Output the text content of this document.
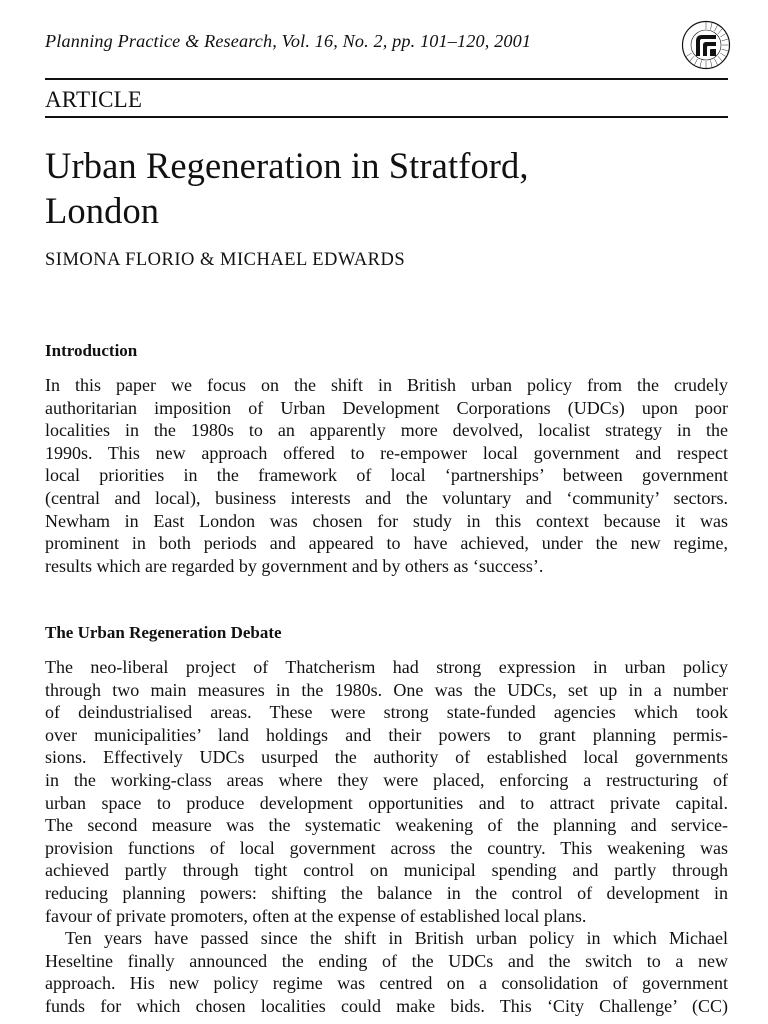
Planning Practice & Research, Vol. 16, No. 2, pp. 101–120, 2001
ARTICLE
Urban Regeneration in Stratford,
London
SIMONA FLORIO & MICHAEL EDWARDS
Introduction

In this paper we focus on the shift in British urban policy from the crudely
authoritarian imposition of Urban Development Corporations (UDCs) upon poor
localities in the 1980s to an apparently more devolved, localist strategy in the
1990s. This new approach offered to re-empower local government and respect
local priorities in the framework of local ‘partnerships’ between government
(central and local), business interests and the voluntary and ‘community’ sectors.
Newham in East London was chosen for study in this context because it was
prominent in both periods and appeared to have achieved, under the new regime,
results which are regarded by government and by others as ‘success’.

The Urban Regeneration Debate

The neo-liberal project of Thatcherism had strong expression in urban policy
through two main measures in the 1980s. One was the UDCs, set up in a number
of deindustrialised areas. These were strong state-funded agencies which took
over municipalities’ land holdings and their powers to grant planning permis-
sions. Effectively UDCs usurped the authority of established local governments
in the working-class areas where they were placed, enforcing a restructuring of
urban space to produce development opportunities and to attract private capital.
The second measure was the systematic weakening of the planning and service-
provision functions of local government across the country. This weakening was
achieved partly through tight control on municipal spending and partly through
reducing planning powers: shifting the balance in the control of development in
favour of private promoters, often at the expense of established local plans.

Ten years have passed since the shift in British urban policy in which Michael
Heseltine finally announced the ending of the UDCs and the switch to a new
approach. His new policy regime was centred on a consolidation of government
funds for which chosen localities could make bids. This ‘City Challenge’ (CC)
